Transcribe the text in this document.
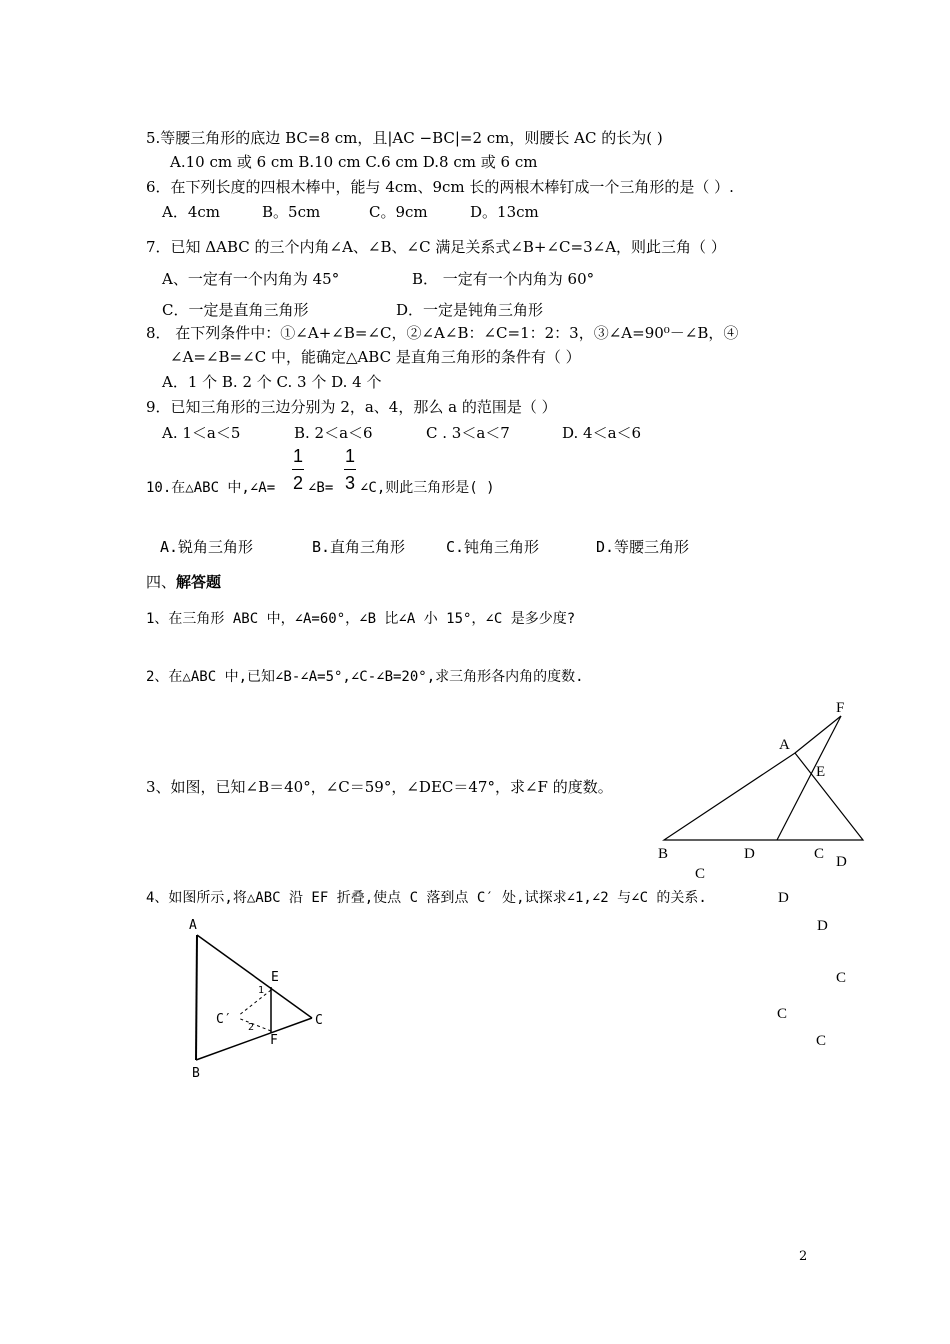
5.等腰三角形的底边 BC=8 cm，且|AC −BC|=2 cm，则腰长 AC 的长为( )
A.10 cm 或 6 cm B.10 cm C.6 cm D.8 cm 或 6 cm
6．在下列长度的四根木棒中，能与 4cm、9cm 长的两根木棒钉成一个三角形的是（ ）.
A．4cm	B。5cm	C。9cm	D。13cm
7．已知 ΔABC 的三个内角∠A、∠B、∠C 满足关系式∠B+∠C=3∠A，则此三角（ ）
A、一定有一个内角为 45°	B． 一定有一个内角为 60°
C．一定是直角三角形	D．一定是钝角三角形
8． 在下列条件中：①∠A+∠B=∠C，②∠A∠B：∠C=1：2：3，③∠A=90⁰－∠B，④
∠A=∠B=∠C 中，能确定△ABC 是直角三角形的条件有（ ）
A．1 个 B. 2 个 C. 3 个 D. 4 个
9．已知三角形的三边分别为 2，a、4，那么 a 的范围是（ ）
A. 1＜a＜5	B. 2＜a＜6	C . 3＜a＜7	D. 4＜a＜6
10.在△ABC 中,∠A=
1
2 ∠B=
1
3 ∠C,则此三角形是( )
A.锐角三角形	B.直角三角形	C.钝角三角形	D.等腰三角形
四、解答题
1、在三角形 ABC 中，∠A=60°，∠B 比∠A 小 15°，∠C 是多少度?
2、在△ABC 中,已知∠B-∠A=5°,∠C-∠B=20°,求三角形各内角的度数.
3、如图，已知∠B＝40°，∠C＝59°，∠DEC＝47°，求∠F 的度数。
4、如图所示,将△ABC 沿 EF 折叠,使点 C 落到点 C′ 处,试探求∠1,∠2 与∠C 的关系.
F
A
E
B	D	C D
C
D
D
C
C
C
A
E
1
C′
2	C
F
B
2
